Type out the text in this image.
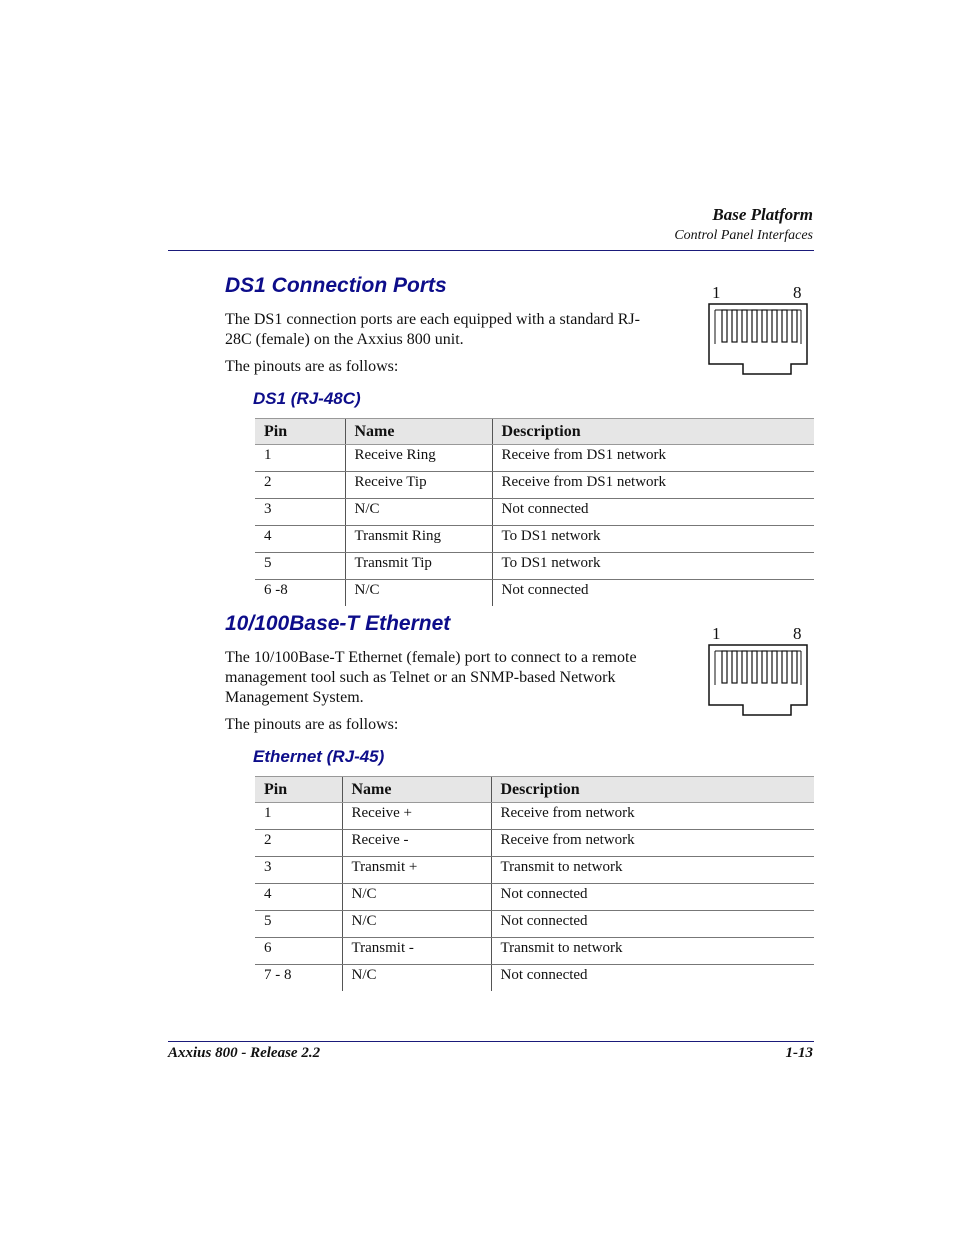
Base Platform
Control Panel Interfaces
DS1 Connection Ports
The DS1 connection ports are each equipped with a standard RJ-28C (female) on the Axxius 800 unit.
The pinouts are as follows:
1	8
DS1 (RJ-48C)
Pin	Name	Description
1	Receive Ring	Receive from DS1 network
2	Receive Tip	Receive from DS1 network
3	N/C	Not connected
4	Transmit Ring	To DS1 network
5	Transmit Tip	To DS1 network
6 -8	N/C	Not connected
10/100Base-T Ethernet
The 10/100Base-T Ethernet (female) port to connect to a remote management tool such as Telnet or an SNMP-based Network Management System.
The pinouts are as follows:
1	8
Ethernet (RJ-45)
Pin	Name	Description
1	Receive +	Receive from network
2	Receive -	Receive from network
3	Transmit +	Transmit to network
4	N/C	Not connected
5	N/C	Not connected
6	Transmit -	Transmit to network
7 - 8	N/C	Not connected
Axxius 800 - Release 2.2	1-13
